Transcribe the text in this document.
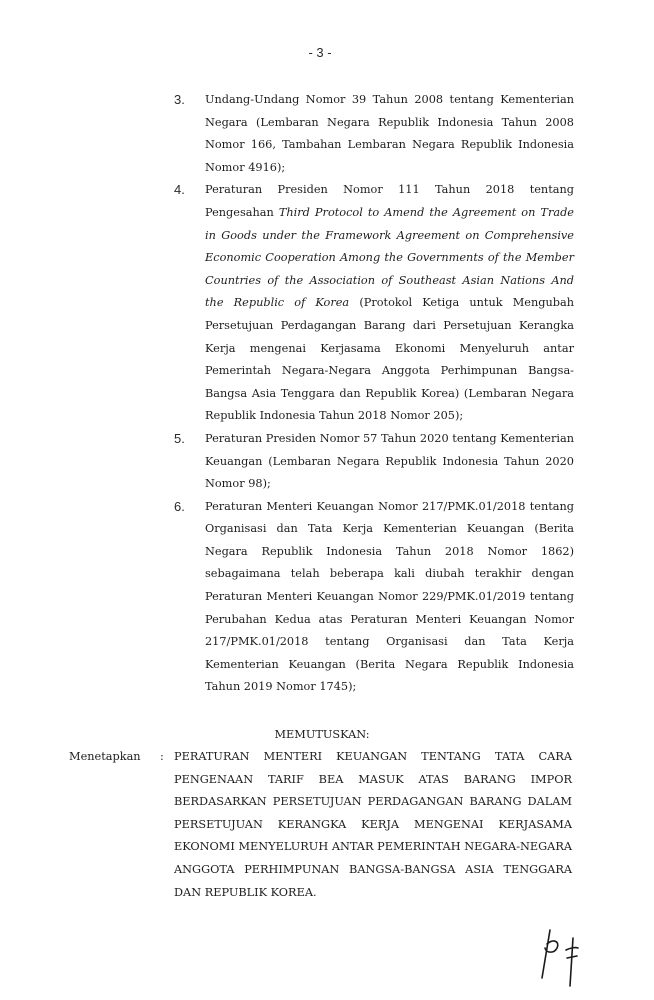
- 3 -
3. Undang-Undang Nomor 39 Tahun 2008 tentang Kementerian Negara (Lembaran Negara Republik Indonesia Tahun 2008 Nomor 166, Tambahan Lembaran Negara Republik Indonesia Nomor 4916);

4. Peraturan Presiden Nomor 111 Tahun 2018 tentang Pengesahan Third Protocol to Amend the Agreement on Trade in Goods under the Framework Agreement on Comprehensive Economic Cooperation Among the Governments of the Member Countries of the Association of Southeast Asian Nations And the Republic of Korea (Protokol Ketiga untuk Mengubah Persetujuan Perdagangan Barang dari Persetujuan Kerangka Kerja mengenai Kerjasama Ekonomi Menyeluruh antar Pemerintah Negara-Negara Anggota Perhimpunan Bangsa-Bangsa Asia Tenggara dan Republik Korea) (Lembaran Negara Republik Indonesia Tahun 2018 Nomor 205);

5. Peraturan Presiden Nomor 57 Tahun 2020 tentang Kementerian Keuangan (Lembaran Negara Republik Indonesia Tahun 2020 Nomor 98);

6. Peraturan Menteri Keuangan Nomor 217/PMK.01/2018 tentang Organisasi dan Tata Kerja Kementerian Keuangan (Berita Negara Republik Indonesia Tahun 2018 Nomor 1862) sebagaimana telah beberapa kali diubah terakhir dengan Peraturan Menteri Keuangan Nomor 229/PMK.01/2019 tentang Perubahan Kedua atas Peraturan Menteri Keuangan Nomor 217/PMK.01/2018 tentang Organisasi dan Tata Kerja Kementerian Keuangan (Berita Negara Republik Indonesia Tahun 2019 Nomor 1745);

MEMUTUSKAN:
Menetapkan : PERATURAN MENTERI KEUANGAN TENTANG TATA CARA PENGENAAN TARIF BEA MASUK ATAS BARANG IMPOR BERDASARKAN PERSETUJUAN PERDAGANGAN BARANG DALAM PERSETUJUAN KERANGKA KERJA MENGENAI KERJASAMA EKONOMI MENYELURUH ANTAR PEMERINTAH NEGARA-NEGARA ANGGOTA PERHIMPUNAN BANGSA-BANGSA ASIA TENGGARA DAN REPUBLIK KOREA.
